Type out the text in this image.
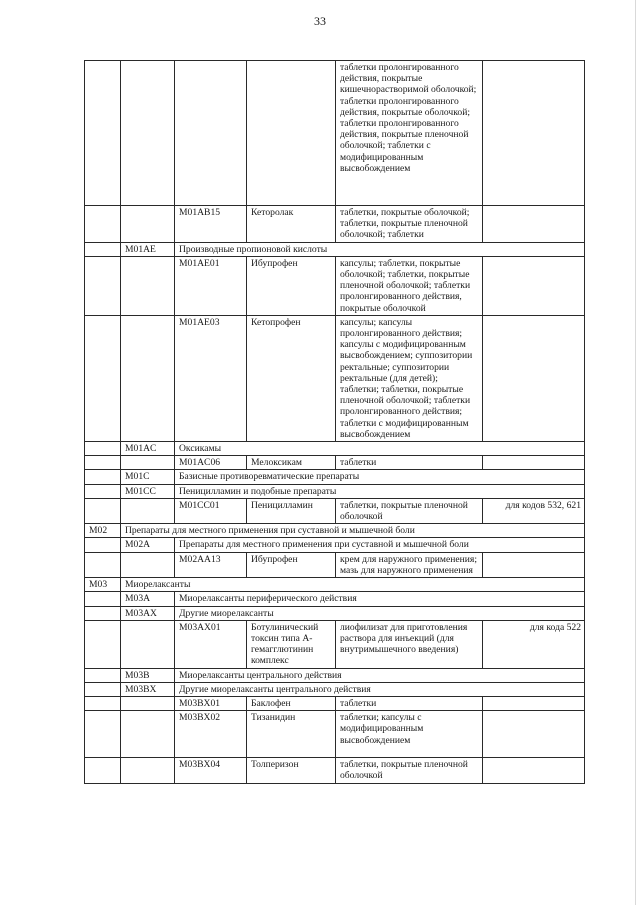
33
				таблетки пролонгированного действия, покрытые кишечнорастворимой оболочкой; таблетки пролонгированного действия, покрытые оболочкой; таблетки пролонгированного действия, покрытые пленочной оболочкой; таблетки с модифицированным высвобождением	
		M01AB15	Кеторолак	таблетки, покрытые оболочкой; таблетки, покрытые пленочной оболочкой; таблетки	
	M01AE	Производные пропионовой кислоты			
		M01AE01	Ибупрофен	капсулы; таблетки, покрытые оболочкой; таблетки, покрытые пленочной оболочкой; таблетки пролонгированного действия, покрытые оболочкой	
		M01AE03	Кетопрофен	капсулы; капсулы пролонгированного действия; капсулы с модифицированным высвобождением; суппозитории ректальные; суппозитории ректальные (для детей); таблетки; таблетки, покрытые пленочной оболочкой; таблетки пролонгированного действия; таблетки с модифицированным высвобождением	
	M01AC	Оксикамы			
		M01AC06	Мелоксикам	таблетки	
	M01C	Базисные противоревматические препараты			
	M01CC	Пеницилламин и подобные препараты			
		M01CC01	Пеницилламин	таблетки, покрытые пленочной оболочкой	для кодов 532, 621
M02	Препараты для местного применения при суставной и мышечной боли				
	M02A	Препараты для местного применения при суставной и мышечной боли			
		M02AA13	Ибупрофен	крем для наружного применения; мазь для наружного применения	
M03	Миорелаксанты				
	M03A	Миорелаксанты периферического действия			
	M03AX	Другие миорелаксанты			
		M03AX01	Ботулинический токсин типа А-гемагглютинин комплекс	лиофилизат для приготовления раствора для инъекций (для внутримышечного введения)	для кода 522
	M03B	Миорелаксанты центрального действия			
	M03BX	Другие миорелаксанты центрального действия			
		M03BX01	Баклофен	таблетки	
		M03BX02	Тизанидин	таблетки; капсулы с модифицированным высвобождением	
		M03BX04	Толперизон	таблетки, покрытые пленочной оболочкой	
